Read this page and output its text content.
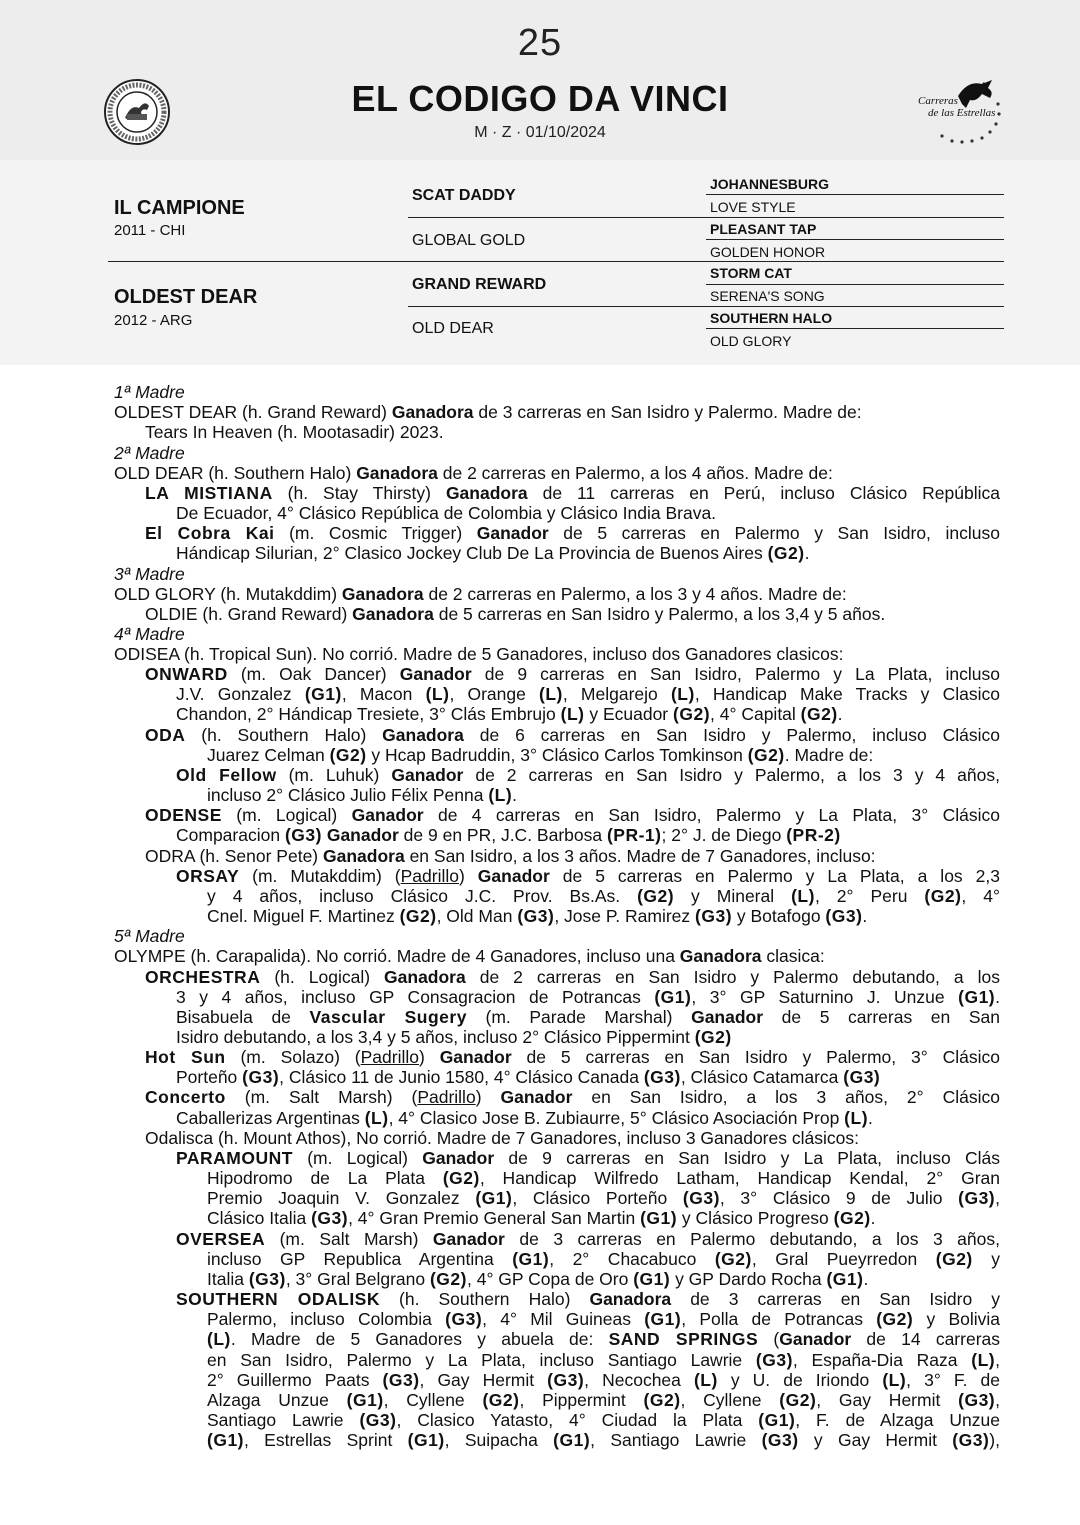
25
EL CODIGO DA VINCI
M · Z · 01/10/2024
Carreras
de las Estrellas
IL CAMPIONE
2011 - CHI
OLDEST DEAR
2012 - ARG
SCAT DADDY
GLOBAL GOLD
GRAND REWARD
OLD DEAR
JOHANNESBURG
LOVE STYLE
PLEASANT TAP
GOLDEN HONOR
STORM CAT
SERENA'S SONG
SOUTHERN HALO
OLD GLORY
1ª Madre
OLDEST DEAR (h. Grand Reward) Ganadora de 3 carreras en San Isidro y Palermo. Madre de:
Tears In Heaven (h. Mootasadir) 2023.
2ª Madre
OLD DEAR (h. Southern Halo) Ganadora de 2 carreras en Palermo, a los 4 años. Madre de:
LA MISTIANA (h. Stay Thirsty) Ganadora de 11 carreras en Perú, incluso Clásico República
De Ecuador, 4° Clásico República de Colombia y Clásico India Brava.
El Cobra Kai (m. Cosmic Trigger) Ganador de 5 carreras en Palermo y San Isidro, incluso
Hándicap Silurian, 2° Clasico Jockey Club De La Provincia de Buenos Aires (G2).
3ª Madre
OLD GLORY (h. Mutakddim) Ganadora de 2 carreras en Palermo, a los 3 y 4 años. Madre de:
OLDIE (h. Grand Reward) Ganadora de 5 carreras en San Isidro y Palermo, a los 3,4 y 5 años.
4ª Madre
ODISEA (h. Tropical Sun). No corrió. Madre de 5 Ganadores, incluso dos Ganadores clasicos:
ONWARD (m. Oak Dancer) Ganador de 9 carreras en San Isidro, Palermo y La Plata, incluso
J.V. Gonzalez (G1), Macon (L), Orange (L), Melgarejo (L), Handicap Make Tracks y Clasico
Chandon, 2° Hándicap Tresiete, 3° Clás Embrujo (L) y Ecuador (G2), 4° Capital (G2).
ODA (h. Southern Halo) Ganadora de 6 carreras en San Isidro y Palermo, incluso Clásico
Juarez Celman (G2) y Hcap Badruddin, 3° Clásico Carlos Tomkinson (G2). Madre de:
Old Fellow (m. Luhuk) Ganador de 2 carreras en San Isidro y Palermo, a los 3 y 4 años,
incluso 2° Clásico Julio Félix Penna (L).
ODENSE (m. Logical) Ganador de 4 carreras en San Isidro, Palermo y La Plata, 3° Clásico
Comparacion (G3) Ganador de 9 en PR, J.C. Barbosa (PR-1); 2° J. de Diego (PR-2)
ODRA (h. Senor Pete) Ganadora en San Isidro, a los 3 años. Madre de 7 Ganadores, incluso:
ORSAY (m. Mutakddim) (Padrillo) Ganador de 5 carreras en Palermo y La Plata, a los 2,3
y 4 años, incluso Clásico J.C. Prov. Bs.As. (G2) y Mineral (L), 2° Peru (G2), 4°
Cnel. Miguel F. Martinez (G2), Old Man (G3), Jose P. Ramirez (G3) y Botafogo (G3).
5ª Madre
OLYMPE (h. Carapalida). No corrió. Madre de 4 Ganadores, incluso una Ganadora clasica:
ORCHESTRA (h. Logical) Ganadora de 2 carreras en San Isidro y Palermo debutando, a los
3 y 4 años, incluso GP Consagracion de Potrancas (G1), 3° GP Saturnino J. Unzue (G1).
Bisabuela de Vascular Sugery (m. Parade Marshal) Ganador de 5 carreras en San
Isidro debutando, a los 3,4 y 5 años, incluso 2° Clásico Pippermint (G2)
Hot Sun (m. Solazo) (Padrillo) Ganador de 5 carreras en San Isidro y Palermo, 3° Clásico
Porteño (G3), Clásico 11 de Junio 1580, 4° Clásico Canada (G3), Clásico Catamarca (G3)
Concerto (m. Salt Marsh) (Padrillo) Ganador en San Isidro, a los 3 años, 2° Clásico
Caballerizas Argentinas (L), 4° Clasico Jose B. Zubiaurre, 5° Clásico Asociación Prop (L).
Odalisca (h. Mount Athos), No corrió. Madre de 7 Ganadores, incluso 3 Ganadores clásicos:
PARAMOUNT (m. Logical) Ganador de 9 carreras en San Isidro y La Plata, incluso Clás
Hipodromo de La Plata (G2), Handicap Wilfredo Latham, Handicap Kendal, 2° Gran
Premio Joaquin V. Gonzalez (G1), Clásico Porteño (G3), 3° Clásico 9 de Julio (G3),
Clásico Italia (G3), 4° Gran Premio General San Martin (G1) y Clásico Progreso (G2).
OVERSEA (m. Salt Marsh) Ganador de 3 carreras en Palermo debutando, a los 3 años,
incluso GP Republica Argentina (G1), 2° Chacabuco (G2), Gral Pueyrredon (G2) y
Italia (G3), 3° Gral Belgrano (G2), 4° GP Copa de Oro (G1) y GP Dardo Rocha (G1).
SOUTHERN ODALISK (h. Southern Halo) Ganadora de 3 carreras en San Isidro y
Palermo, incluso Colombia (G3), 4° Mil Guineas (G1), Polla de Potrancas (G2) y Bolivia
(L). Madre de 5 Ganadores y abuela de: SAND SPRINGS (Ganador de 14 carreras
en San Isidro, Palermo y La Plata, incluso Santiago Lawrie (G3), España-Dia Raza (L),
2° Guillermo Paats (G3), Gay Hermit (G3), Necochea (L) y U. de Iriondo (L), 3° F. de
Alzaga Unzue (G1), Cyllene (G2), Pippermint (G2), Cyllene (G2), Gay Hermit (G3),
Santiago Lawrie (G3), Clasico Yatasto, 4° Ciudad la Plata (G1), F. de Alzaga Unzue
(G1), Estrellas Sprint (G1), Suipacha (G1), Santiago Lawrie (G3) y Gay Hermit (G3)),
